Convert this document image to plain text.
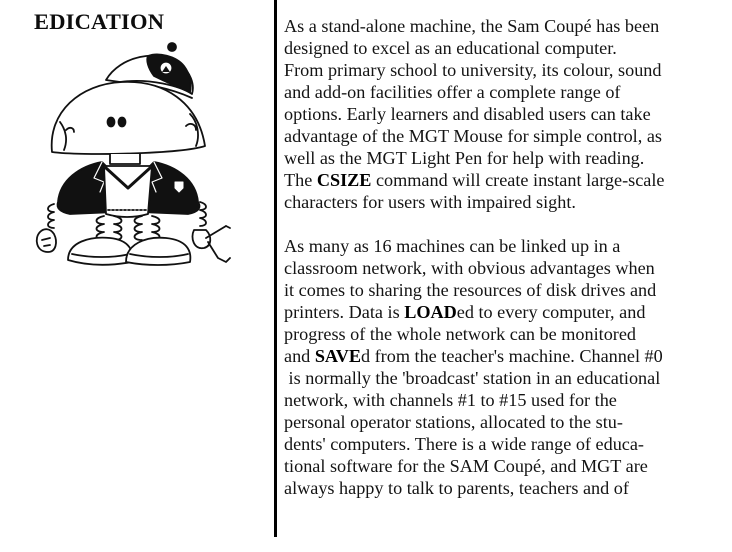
EDICATION	As a stand-alone machine, the Sam Coupé has been
designed to excel as an educational computer.
From primary school to university, its colour, sound
and add-on facilities offer a complete range of
options. Early learners and disabled users can take
advantage of the MGT Mouse for simple control, as
well as the MGT Light Pen for help with reading.
The CSIZE command will create instant large-scale
characters for users with impaired sight.
As many as 16 machines can be linked up in a
classroom network, with obvious advantages when
it comes to sharing the resources of disk drives and
printers. Data is LOADed to every computer, and
progress of the whole network can be monitored
and SAVEd from the teacher's machine. Channel #0
is normally the 'broadcast' station in an educational
network, with channels #1 to #15 used for the
personal operator stations, allocated to the stu-
dents' computers. There is a wide range of educa-
tional software for the SAM Coupé, and MGT are
always happy to talk to parents, teachers and of
